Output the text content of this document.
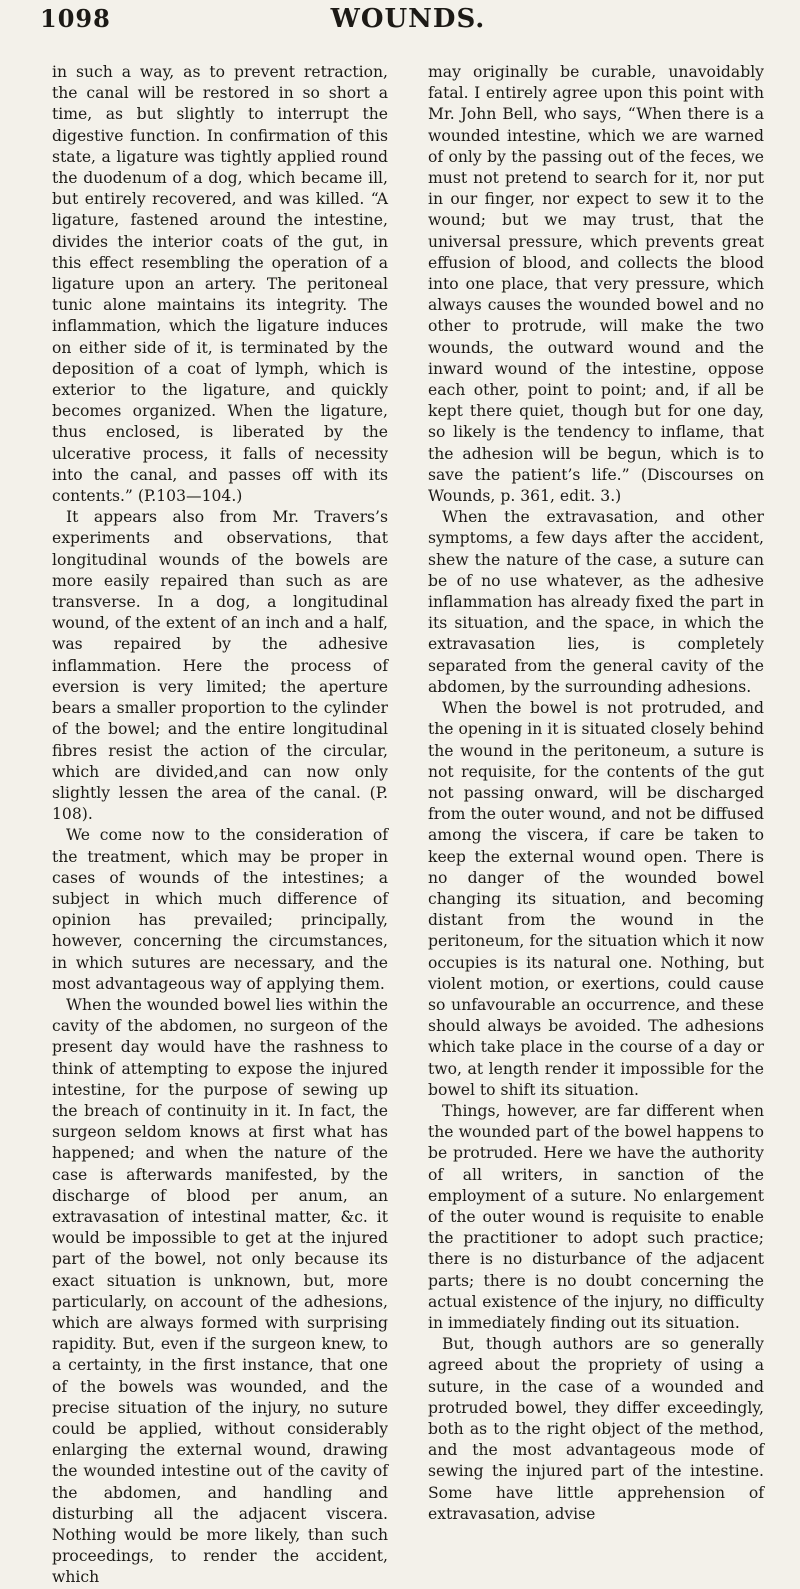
1098	WOUNDS.

in such a way, as to prevent retraction, the canal will be restored in so short a time, as but slightly to interrupt the digestive function. In confirmation of this state, a ligature was tightly applied round the duodenum of a dog, which became ill, but entirely recovered, and was killed. “A ligature, fastened around the intestine, divides the interior coats of the gut, in this effect resembling the operation of a ligature upon an artery. The peritoneal tunic alone maintains its integrity. The inflammation, which the ligature induces on either side of it, is terminated by the deposition of a coat of lymph, which is exterior to the ligature, and quickly becomes organized. When the ligature, thus enclosed, is liberated by the ulcerative process, it falls of necessity into the canal, and passes off with its contents.” (P.103—104.)

It appears also from Mr. Travers’s experiments and observations, that longitudinal wounds of the bowels are more easily repaired than such as are transverse. In a dog, a longitudinal wound, of the extent of an inch and a half, was repaired by the adhesive inflammation. Here the process of eversion is very limited; the aperture bears a smaller proportion to the cylinder of the bowel; and the entire longitudinal fibres resist the action of the circular, which are divided,and can now only slightly lessen the area of the canal. (P. 108).

We come now to the consideration of the treatment, which may be proper in cases of wounds of the intestines; a subject in which much difference of opinion has prevailed; principally, however, concerning the circumstances, in which sutures are necessary, and the most advantageous way of applying them.

When the wounded bowel lies within the cavity of the abdomen, no surgeon of the present day would have the rashness to think of attempting to expose the injured intestine, for the purpose of sewing up the breach of continuity in it. In fact, the surgeon seldom knows at first what has happened; and when the nature of the case is afterwards manifested, by the discharge of blood per anum, an extravasation of intestinal matter, &c. it would be impossible to get at the injured part of the bowel, not only because its exact situation is unknown, but, more particularly, on account of the adhesions, which are always formed with surprising rapidity. But, even if the surgeon knew, to a certainty, in the first instance, that one of the bowels was wounded, and the precise situation of the injury, no suture could be applied, without considerably enlarging the external wound, drawing the wounded intestine out of the cavity of the abdomen, and handling and disturbing all the adjacent viscera. Nothing would be more likely, than such proceedings, to render the accident, which

may originally be curable, unavoidably fatal. I entirely agree upon this point with Mr. John Bell, who says, “When there is a wounded intestine, which we are warned of only by the passing out of the feces, we must not pretend to search for it, nor put in our finger, nor expect to sew it to the wound; but we may trust, that the universal pressure, which prevents great effusion of blood, and collects the blood into one place, that very pressure, which always causes the wounded bowel and no other to protrude, will make the two wounds, the outward wound and the inward wound of the intestine, oppose each other, point to point; and, if all be kept there quiet, though but for one day, so likely is the tendency to inflame, that the adhesion will be begun, which is to save the patient’s life.” (Discourses on Wounds, p. 361, edit. 3.)

When the extravasation, and other symptoms, a few days after the accident, shew the nature of the case, a suture can be of no use whatever, as the adhesive inflammation has already fixed the part in its situation, and the space, in which the extravasation lies, is completely separated from the general cavity of the abdomen, by the surrounding adhesions.

When the bowel is not protruded, and the opening in it is situated closely behind the wound in the peritoneum, a suture is not requisite, for the contents of the gut not passing onward, will be discharged from the outer wound, and not be diffused among the viscera, if care be taken to keep the external wound open. There is no danger of the wounded bowel changing its situation, and becoming distant from the wound in the peritoneum, for the situation which it now occupies is its natural one. Nothing, but violent motion, or exertions, could cause so unfavourable an occurrence, and these should always be avoided. The adhesions which take place in the course of a day or two, at length render it impossible for the bowel to shift its situation.

Things, however, are far different when the wounded part of the bowel happens to be protruded. Here we have the authority of all writers, in sanction of the employment of a suture. No enlargement of the outer wound is requisite to enable the practitioner to adopt such practice; there is no disturbance of the adjacent parts; there is no doubt concerning the actual existence of the injury, no difficulty in immediately finding out its situation.

But, though authors are so generally agreed about the propriety of using a suture, in the case of a wounded and protruded bowel, they differ exceedingly, both as to the right object of the method, and the most advantageous mode of sewing the injured part of the intestine. Some have little apprehension of extravasation, advise
